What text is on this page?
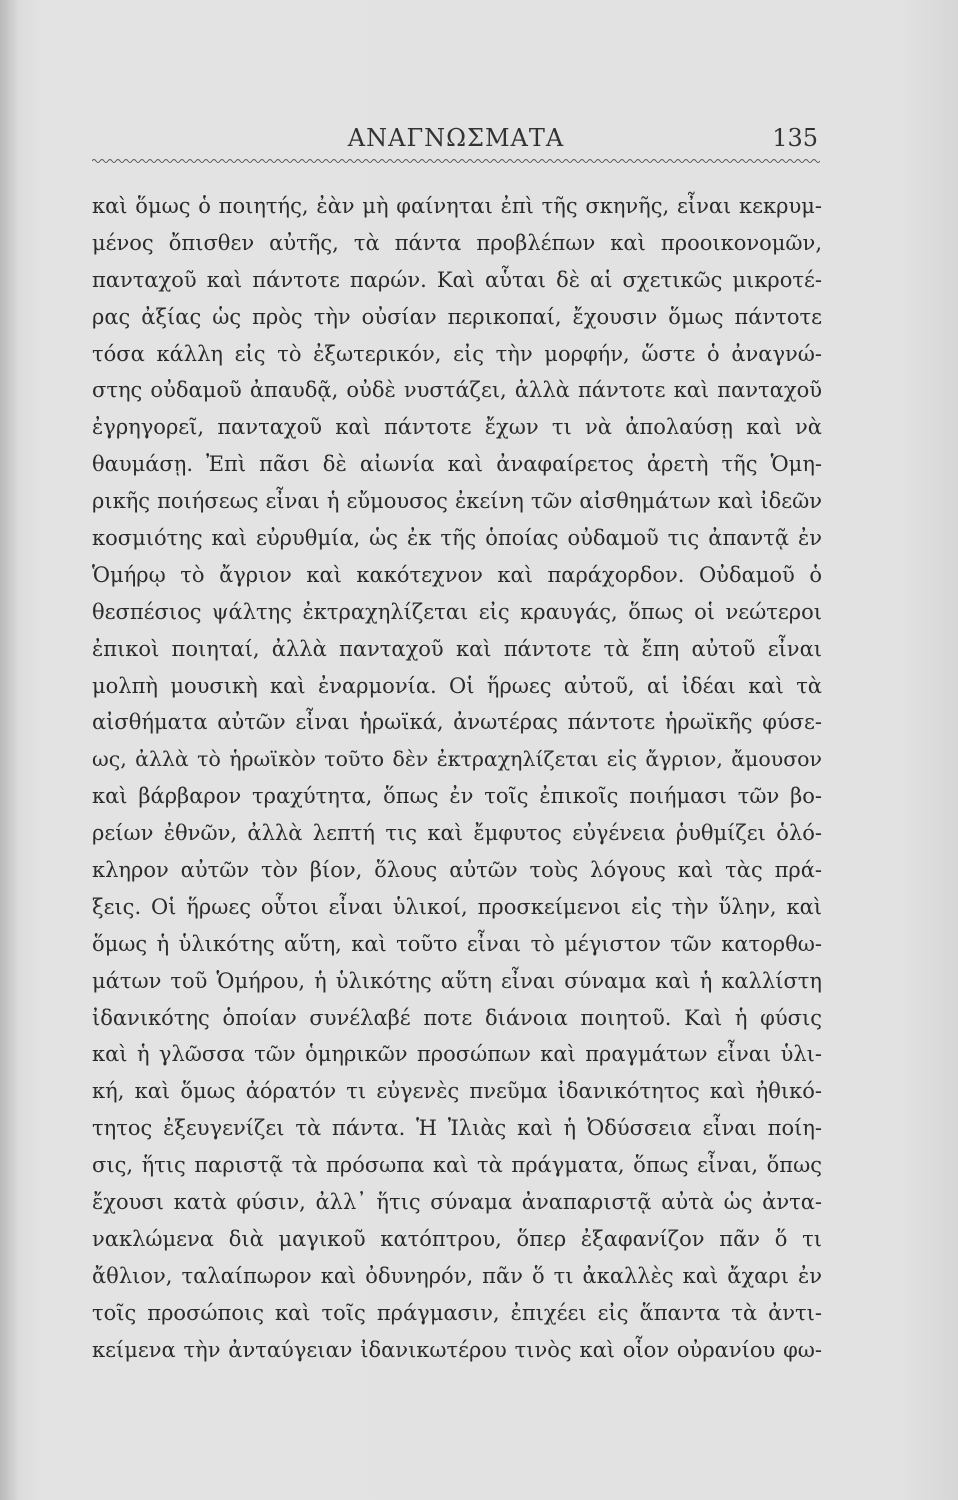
ΑΝΑΓΝΩΣΜΑΤΑ	135
καὶ ὅμως ὁ ποιητής, ἐὰν μὴ φαίνηται ἐπὶ τῆς σκηνῆς, εἶναι κεκρυμ-
μένος ὄπισθεν αὐτῆς, τὰ πάντα προβλέπων καὶ προοικονομῶν,
πανταχοῦ καὶ πάντοτε παρών. Καὶ αὗται δὲ αἱ σχετικῶς μικροτέ-
ρας ἀξίας ὡς πρὸς τὴν οὐσίαν περικοπαί, ἔχουσιν ὅμως πάντοτε
τόσα κάλλη εἰς τὸ ἐξωτερικόν, εἰς τὴν μορφήν, ὥστε ὁ ἀναγνώ-
στης οὐδαμοῦ ἀπαυδᾷ, οὐδὲ νυστάζει, ἀλλὰ πάντοτε καὶ πανταχοῦ
ἐγρηγορεῖ, πανταχοῦ καὶ πάντοτε ἔχων τι νὰ ἀπολαύσῃ καὶ νὰ
θαυμάσῃ. Ἐπὶ πᾶσι δὲ αἰωνία καὶ ἀναφαίρετος ἀρετὴ τῆς Ὁμη-
ρικῆς ποιήσεως εἶναι ἡ εὔμουσος ἐκείνη τῶν αἰσθημάτων καὶ ἰδεῶν
κοσμιότης καὶ εὐρυθμία, ὡς ἐκ τῆς ὁποίας οὐδαμοῦ τις ἀπαντᾷ ἐν
Ὁμήρῳ τὸ ἄγριον καὶ κακότεχνον καὶ παράχορδον. Οὐδαμοῦ ὁ
θεσπέσιος ψάλτης ἐκτραχηλίζεται εἰς κραυγάς, ὅπως οἱ νεώτεροι
ἐπικοὶ ποιηταί, ἀλλὰ πανταχοῦ καὶ πάντοτε τὰ ἔπη αὐτοῦ εἶναι
μολπὴ μουσικὴ καὶ ἐναρμονία. Οἱ ἥρωες αὐτοῦ, αἱ ἰδέαι καὶ τὰ
αἰσθήματα αὐτῶν εἶναι ἡρωϊκά, ἀνωτέρας πάντοτε ἡρωϊκῆς φύσε-
ως, ἀλλὰ τὸ ἡρωϊκὸν τοῦτο δὲν ἐκτραχηλίζεται εἰς ἄγριον, ἄμουσον
καὶ βάρβαρον τραχύτητα, ὅπως ἐν τοῖς ἐπικοῖς ποιήμασι τῶν βο-
ρείων ἐθνῶν, ἀλλὰ λεπτή τις καὶ ἔμφυτος εὐγένεια ῥυθμίζει ὁλό-
κληρον αὐτῶν τὸν βίον, ὅλους αὐτῶν τοὺς λόγους καὶ τὰς πρά-
ξεις. Οἱ ἥρωες οὗτοι εἶναι ὑλικοί, προσκείμενοι εἰς τὴν ὕλην, καὶ
ὅμως ἡ ὑλικότης αὕτη, καὶ τοῦτο εἶναι τὸ μέγιστον τῶν κατορθω-
μάτων τοῦ Ὁμήρου, ἡ ὑλικότης αὕτη εἶναι σύναμα καὶ ἡ καλλίστη
ἰδανικότης ὁποίαν συνέλαβέ ποτε διάνοια ποιητοῦ. Καὶ ἡ φύσις
καὶ ἡ γλῶσσα τῶν ὁμηρικῶν προσώπων καὶ πραγμάτων εἶναι ὑλι-
κή, καὶ ὅμως ἀόρατόν τι εὐγενὲς πνεῦμα ἰδανικότητος καὶ ἠθικό-
τητος ἐξευγενίζει τὰ πάντα. Ἡ Ἰλιὰς καὶ ἡ Ὀδύσσεια εἶναι ποίη-
σις, ἥτις παριστᾷ τὰ πρόσωπα καὶ τὰ πράγματα, ὅπως εἶναι, ὅπως
ἔχουσι κατὰ φύσιν, ἀλλ᾽ ἥτις σύναμα ἀναπαριστᾷ αὐτὰ ὡς ἀντα-
νακλώμενα διὰ μαγικοῦ κατόπτρου, ὅπερ ἐξαφανίζον πᾶν ὅ τι
ἄθλιον, ταλαίπωρον καὶ ὀδυνηρόν, πᾶν ὅ τι ἀκαλλὲς καὶ ἄχαρι ἐν
τοῖς προσώποις καὶ τοῖς πράγμασιν, ἐπιχέει εἰς ἅπαντα τὰ ἀντι-
κείμενα τὴν ἀνταύγειαν ἰδανικωτέρου τινὸς καὶ οἷον οὐρανίου φω-
